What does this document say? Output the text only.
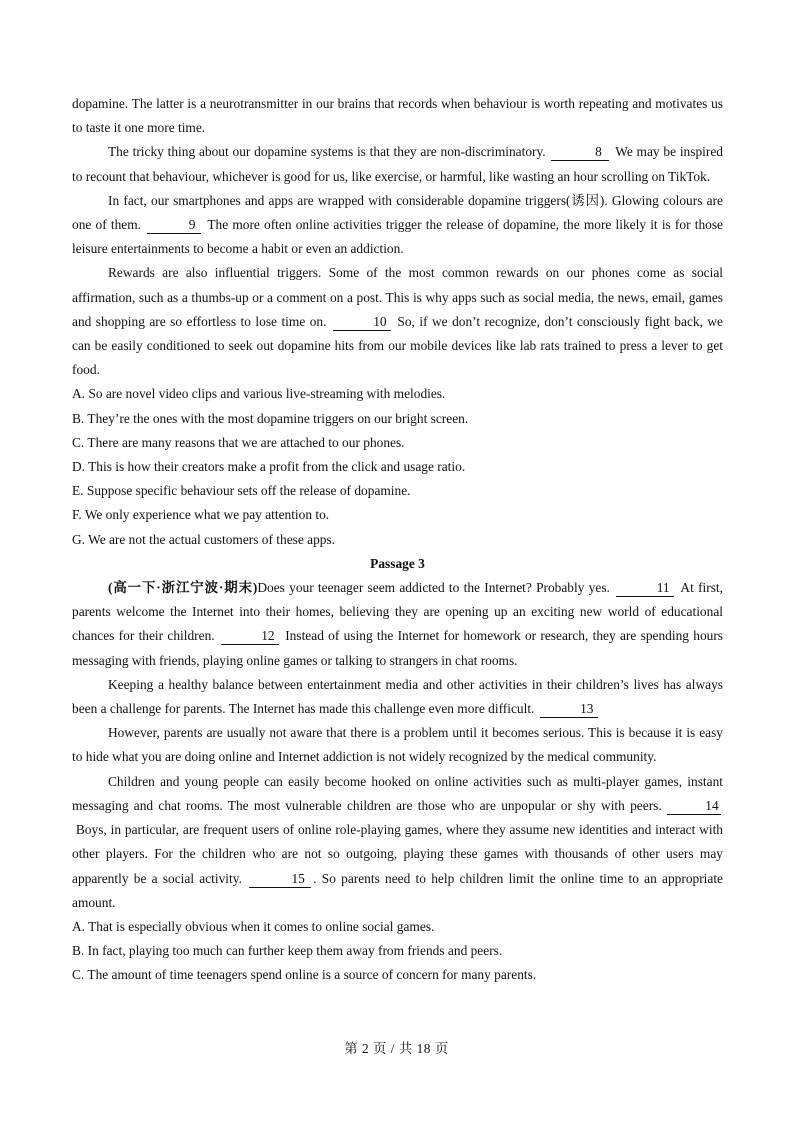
dopamine. The latter is a neurotransmitter in our brains that records when behaviour is worth repeating and motivates us to taste it one more time.

The tricky thing about our dopamine systems is that they are non-discriminatory.	8 We may be inspired to recount that behaviour, whichever is good for us, like exercise, or harmful, like wasting an hour scrolling on TikTok.

In fact, our smartphones and apps are wrapped with considerable dopamine triggers(诱因). Glowing colours are one of them.	9 The more often online activities trigger the release of dopamine, the more likely it is for those leisure entertainments to become a habit or even an addiction.

Rewards are also influential triggers. Some of the most common rewards on our phones come as social affirmation, such as a thumbs-up or a comment on a post. This is why apps such as social media, the news, email, games and shopping are so effortless to lose time on.	10 So, if we don’t recognize, don’t consciously fight back, we can be easily conditioned to seek out dopamine hits from our mobile devices like lab rats trained to press a lever to get food.

A. So are novel video clips and various live-streaming with melodies.

B. They’re the ones with the most dopamine triggers on our bright screen.

C. There are many reasons that we are attached to our phones.

D. This is how their creators make a profit from the click and usage ratio.

E. Suppose specific behaviour sets off the release of dopamine.

F. We only experience what we pay attention to.

G. We are not the actual customers of these apps.

Passage 3

(高一下·浙江宁波·期末)Does your teenager seem addicted to the Internet? Probably yes.	11 At first, parents welcome the Internet into their homes, believing they are opening up an exciting new world of educational chances for their children.	12 Instead of using the Internet for homework or research, they are spending hours messaging with friends, playing online games or talking to strangers in chat rooms.

Keeping a healthy balance between entertainment media and other activities in their children’s lives has always been a challenge for parents. The Internet has made this challenge even more difficult.	13

However, parents are usually not aware that there is a problem until it becomes serious. This is because it is easy to hide what you are doing online and Internet addiction is not widely recognized by the medical community.

Children and young people can easily become hooked on online activities such as multi-player games, instant messaging and chat rooms. The most vulnerable children are those who are unpopular or shy with peers.	14 Boys, in particular, are frequent users of online role-playing games, where they assume new identities and interact with other players. For the children who are not so outgoing, playing these games with thousands of other users may apparently be a social activity.	15 . So parents need to help children limit the online time to an appropriate amount.

A. That is especially obvious when it comes to online social games.

B. In fact, playing too much can further keep them away from friends and peers.

C. The amount of time teenagers spend online is a source of concern for many parents.

第 2 页 / 共 18 页
